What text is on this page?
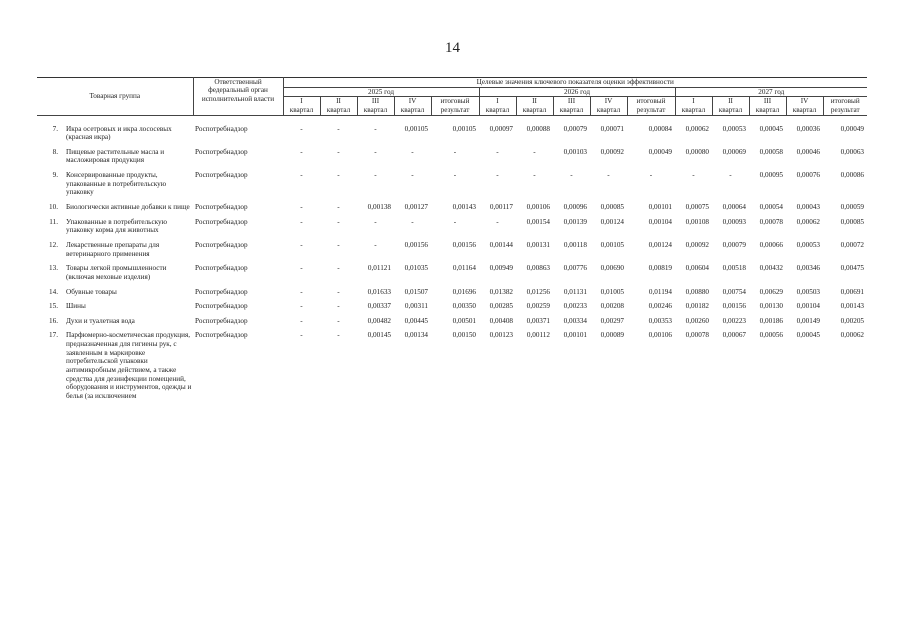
14
Товарная группа		Ответственный федеральный орган исполнительной власти	Целевые значения ключевого показателя оценки эффективности														
			2025 год					2026 год					2027 год				
			I	II	III	IV	итоговый	I	II	III	IV	итоговый	I	II	III	IV	итоговый
			квартал	квартал	квартал	квартал	результат	квартал	квартал	квартал	квартал	результат	квартал	квартал	квартал	квартал	результат

7.	Икра осетровых и икра лососевых (красная икра)	Роспотребнадзор	-	-	-	0,00105	0,00105	0,00097	0,00088	0,00079	0,00071	0,00084	0,00062	0,00053	0,00045	0,00036	0,00049
8.	Пищевые растительные масла и масложировая продукция	Роспотребнадзор	-	-	-	-	-	-	-	0,00103	0,00092	0,00049	0,00080	0,00069	0,00058	0,00046	0,00063
9.	Консервированные продукты, упакованные в потребительскую упаковку	Роспотребнадзор	-	-	-	-	-	-	-	-	-	-	-	-	0,00095	0,00076	0,00086
10.	Биологически активные добавки к пище	Роспотребнадзор	-	-	0,00138	0,00127	0,00143	0,00117	0,00106	0,00096	0,00085	0,00101	0,00075	0,00064	0,00054	0,00043	0,00059
11.	Упакованные в потребительскую упаковку корма для животных	Роспотребнадзор	-	-	-	-	-	-	0,00154	0,00139	0,00124	0,00104	0,00108	0,00093	0,00078	0,00062	0,00085
12.	Лекарственные препараты для ветеринарного применения	Роспотребнадзор	-	-	-	0,00156	0,00156	0,00144	0,00131	0,00118	0,00105	0,00124	0,00092	0,00079	0,00066	0,00053	0,00072
13.	Товары легкой промышленности (включая меховые изделия)	Роспотребнадзор	-	-	0,01121	0,01035	0,01164	0,00949	0,00863	0,00776	0,00690	0,00819	0,00604	0,00518	0,00432	0,00346	0,00475
14.	Обувные товары	Роспотребнадзор	-	-	0,01633	0,01507	0,01696	0,01382	0,01256	0,01131	0,01005	0,01194	0,00880	0,00754	0,00629	0,00503	0,00691
15.	Шины	Роспотребнадзор	-	-	0,00337	0,00311	0,00350	0,00285	0,00259	0,00233	0,00208	0,00246	0,00182	0,00156	0,00130	0,00104	0,00143
16.	Духи и туалетная вода	Роспотребнадзор	-	-	0,00482	0,00445	0,00501	0,00408	0,00371	0,00334	0,00297	0,00353	0,00260	0,00223	0,00186	0,00149	0,00205
17.	Парфюмерно-косметическая продукция, предназначенная для гигиены рук, с заявленным в маркировке потребительской упаковки антимикробным действием, а также средства для дезинфекции помещений, оборудования и инструментов, одежды и белья (за исключением	Роспотребнадзор	-	-	0,00145	0,00134	0,00150	0,00123	0,00112	0,00101	0,00089	0,00106	0,00078	0,00067	0,00056	0,00045	0,00062
